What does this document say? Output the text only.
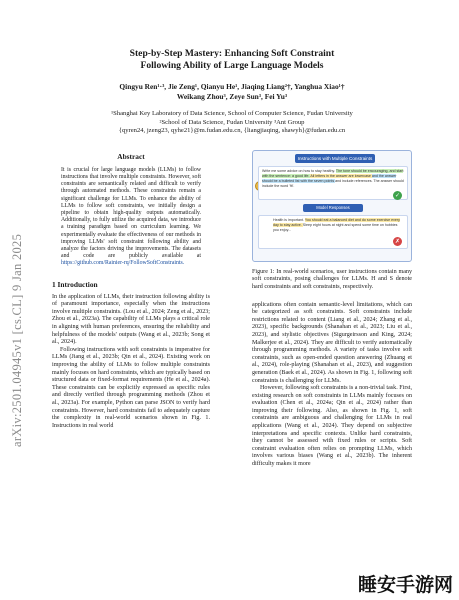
arXiv:2501.04945v1 [cs.CL] 9 Jan 2025
Step-by-Step Mastery: Enhancing Soft Constraint
Following Ability of Large Language Models
Qingyu Ren¹·³, Jie Zeng¹, Qianyu He¹, Jiaqing Liang²†, Yanghua Xiao¹†
Weikang Zhou³, Zeye Sun³, Fei Yu³
¹Shanghai Key Laboratory of Data Science, School of Computer Science, Fudan University
²School of Data Science, Fudan University ³Ant Group
{qyren24, jzeng23, qyhe21}@m.fudan.edu.cn, {liangjiaqing, shawyh}@fudan.edu.cn
Abstract
It is crucial for large language models (LLMs) to follow instructions that involve multiple constraints. However, soft constraints are semantically related and difficult to verify through automated methods. These constraints remain a significant challenge for LLMs. To enhance the ability of LLMs to follow soft constraints, we initially design a pipeline to obtain high-quality outputs automatically. Additionally, to fully utilize the acquired data, we introduce a training paradigm based on curriculum learning. We experimentally evaluate the effectiveness of our methods in improving LLMs' soft constraint following ability and analyze the factors driving the improvements. The datasets and code are publicly available at https://github.com/Rainier-rq/FollowSoftConstraints.
1 Introduction

In the application of LLMs, their instruction following ability is of paramount importance, especially when the instructions involve multiple constraints. (Lou et al., 2024; Zeng et al., 2023; Zhou et al., 2023a). The capability of LLMs plays a critical role in aligning with human preferences, ensuring the reliability and helpfulness of the models' outputs (Wang et al., 2023b; Song et al., 2024).

Following instructions with soft constraints is imperative for LLMs (Jiang et al., 2023b; Qin et al., 2024). Existing work on improving the ability of LLMs to follow multiple constraints mainly focuses on hard constraints, which are typically based on structured data or fixed-format requirements (He et al., 2024a). These constraints can be explicitly expressed as specific rules and directly verified through programming methods (Zhou et al., 2023a). For example, Python can parse JSON to verify hard constraints. However, hard constraints fail to adequately capture the complexity in real-world scenarios shown in Fig. 1. Instructions in real world

Instructions with Multiple Constraints
Write me some advice on how to stay healthy. The tone should be encouraging, and start with the sentence: a good life. All letters in the answer are lowercase and the answer should be a bulleted list with the seven points and include references. The answer should include the word 'fit'.
✓
Model Responses
Health is important. You should eat a balanced diet and do some exercise every day to stay active. Sleep eight hours at night and spend some time on hobbies you enjoy...
✗
Figure 1: In real-world scenarios, user instructions contain many soft constraints, posing challenges for LLMs. H and S denote hard constraints and soft constraints, respectively.

applications often contain semantic-level limitations, which can be categorized as soft constraints. Soft constraints include restrictions related to content (Liang et al., 2024; Zhang et al., 2023), specific backgrounds (Shanahan et al., 2023; Liu et al., 2023), and stylistic objectives (Sigurgeirsson and King, 2024; Malkerjee et al., 2024). They are difficult to verify automatically through programming methods. A variety of tasks involve soft constraints, such as open-ended question answering (Zhuang et al., 2024), role-playing (Shanahan et al., 2023), and suggestion generation (Baek et al., 2024). As shown in Fig. 1, following soft constraints is challenging for LLMs.

However, following soft constraints is a non-trivial task. First, existing research on soft constraints in LLMs mainly focuses on evaluation (Chen et al., 2024a; Qin et al., 2024) rather than improving their following. Also, as shown in Fig. 1, soft constraints are ambiguous and challenging for LLMs in real applications (Wang et al., 2024). They depend on subjective interpretations and specific contexts. Unlike hard constraints, they cannot be assessed with fixed rules or scripts. Soft constraint evaluation often relies on prompting LLMs, which involves various biases (Wang et al., 2023b). The inherent difficulty makes it more

睡安手游网
